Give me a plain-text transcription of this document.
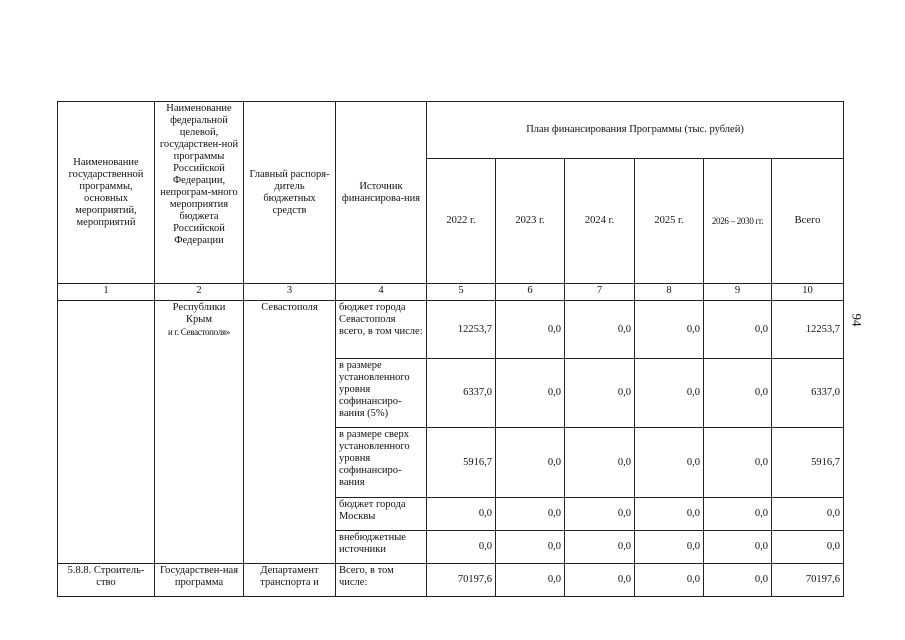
Наименование государственной программы, основных мероприятий, мероприятий	Наименование федеральной целевой, государствен-ной программы Российской Федерации, непрограм-много мероприятия бюджета Российской Федерации	Главный распоря-дитель бюджетных средств	Источник финансирова-ния	План финансирования Программы (тыс. рублей)					
				2022 г.	2023 г.	2024 г.	2025 г.	2026 – 2030 гг.	Всего
1	2	3	4	5	6	7	8	9	10

	Республики
Крым
и г. Севастополя»	Севастополя	бюджет города Севастополя всего, в том числе:	12253,7	0,0	0,0	0,0	0,0	12253,7
			в размере установленного уровня софинансиро-вания (5%)	6337,0	0,0	0,0	0,0	0,0	6337,0
			в размере сверх установленного уровня софинансиро-вания	5916,7	0,0	0,0	0,0	0,0	5916,7
			бюджет города Москвы	0,0	0,0	0,0	0,0	0,0	0,0
			внебюджетные источники	0,0	0,0	0,0	0,0	0,0	0,0
5.8.8. Строитель-ство	Государствен-ная программа	Департамент транспорта и	Всего, в том числе:	70197,6	0,0	0,0	0,0	0,0	70197,6
94
